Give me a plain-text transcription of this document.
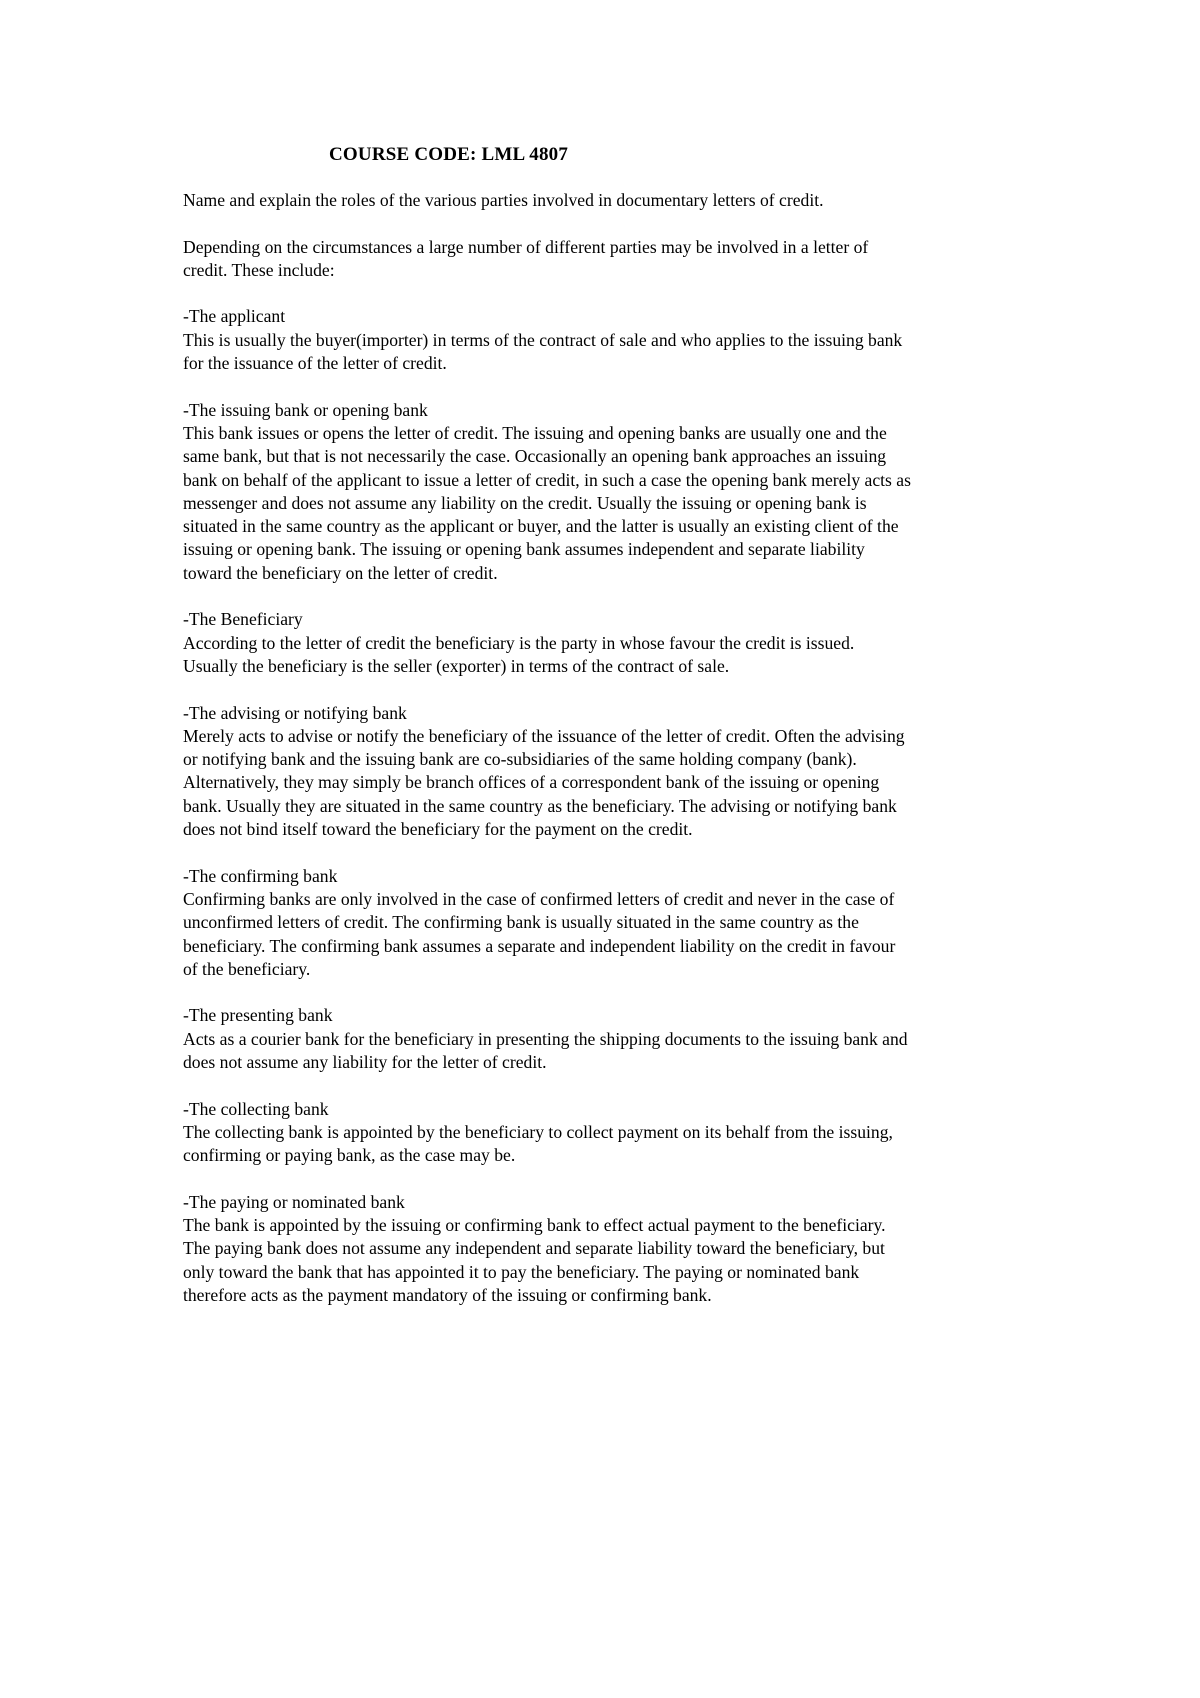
COURSE CODE: LML 4807
Name and explain the roles of the various parties involved in documentary letters of credit.
Depending on the circumstances a large number of different parties may be involved in a letter of
credit. These include:
-The applicant
This is usually the buyer(importer) in terms of the contract of sale and who applies to the issuing bank
for the issuance of the letter of credit.
-The issuing bank or opening bank
This bank issues or opens the letter of credit. The issuing and opening banks are usually one and the
same bank, but that is not necessarily the case. Occasionally an opening bank approaches an issuing
bank on behalf of the applicant to issue a letter of credit, in such a case the opening bank merely acts as
messenger and does not assume any liability on the credit. Usually the issuing or opening bank is
situated in the same country as the applicant or buyer, and the latter is usually an existing client of the
issuing or opening bank. The issuing or opening bank assumes independent and separate liability
toward the beneficiary on the letter of credit.
-The Beneficiary
According to the letter of credit the beneficiary is the party in whose favour the credit is issued.
Usually the beneficiary is the seller (exporter) in terms of the contract of sale.
-The advising or notifying bank
Merely acts to advise or notify the beneficiary of the issuance of the letter of credit. Often the advising
or notifying bank and the issuing bank are co-subsidiaries of the same holding company (bank).
Alternatively, they may simply be branch offices of a correspondent bank of the issuing or opening
bank. Usually they are situated in the same country as the beneficiary. The advising or notifying bank
does not bind itself toward the beneficiary for the payment on the credit.
-The confirming bank
Confirming banks are only involved in the case of confirmed letters of credit and never in the case of
unconfirmed letters of credit. The confirming bank is usually situated in the same country as the
beneficiary. The confirming bank assumes a separate and independent liability on the credit in favour
of the beneficiary.
-The presenting bank
Acts as a courier bank for the beneficiary in presenting the shipping documents to the issuing bank and
does not assume any liability for the letter of credit.
-The collecting bank
The collecting bank is appointed by the beneficiary to collect payment on its behalf from the issuing,
confirming or paying bank, as the case may be.
-The paying or nominated bank
The bank is appointed by the issuing or confirming bank to effect actual payment to the beneficiary.
The paying bank does not assume any independent and separate liability toward the beneficiary, but
only toward the bank that has appointed it to pay the beneficiary. The paying or nominated bank
therefore acts as the payment mandatory of the issuing or confirming bank.
